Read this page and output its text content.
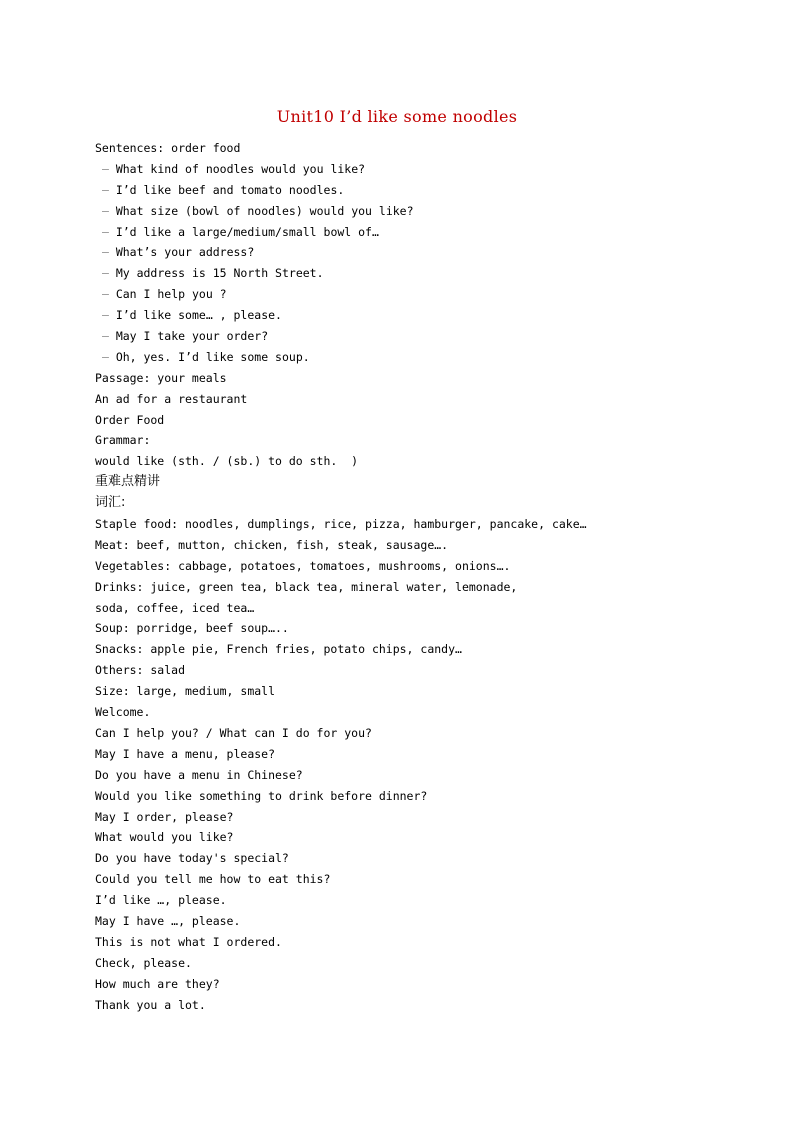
Unit10 I’d like some noodles
Sentences: order food
– What kind of noodles would you like?
– I’d like beef and tomato noodles.
– What size (bowl of noodles) would you like?
– I’d like a large/medium/small bowl of…
– What’s your address?
– My address is 15 North Street.
– Can I help you ?
– I’d like some… , please.
– May I take your order?
– Oh, yes. I’d like some soup.
Passage: your meals
An ad for a restaurant
Order Food
Grammar:
would like (sth. / (sb.) to do sth.  )
重难点精讲
词汇:
Staple food: noodles, dumplings, rice, pizza, hamburger, pancake, cake…
Meat: beef, mutton, chicken, fish, steak, sausage….
Vegetables: cabbage, potatoes, tomatoes, mushrooms, onions….
Drinks: juice, green tea, black tea, mineral water, lemonade,
soda, coffee, iced tea…
Soup: porridge, beef soup…..
Snacks: apple pie, French fries, potato chips, candy…
Others: salad
Size: large, medium, small
Welcome.
Can I help you? / What can I do for you?
May I have a menu, please?
Do you have a menu in Chinese?
Would you like something to drink before dinner?
May I order, please?
What would you like?
Do you have today's special?
Could you tell me how to eat this?
I’d like …, please.
May I have …, please.
This is not what I ordered.
Check, please.
How much are they?
Thank you a lot.
